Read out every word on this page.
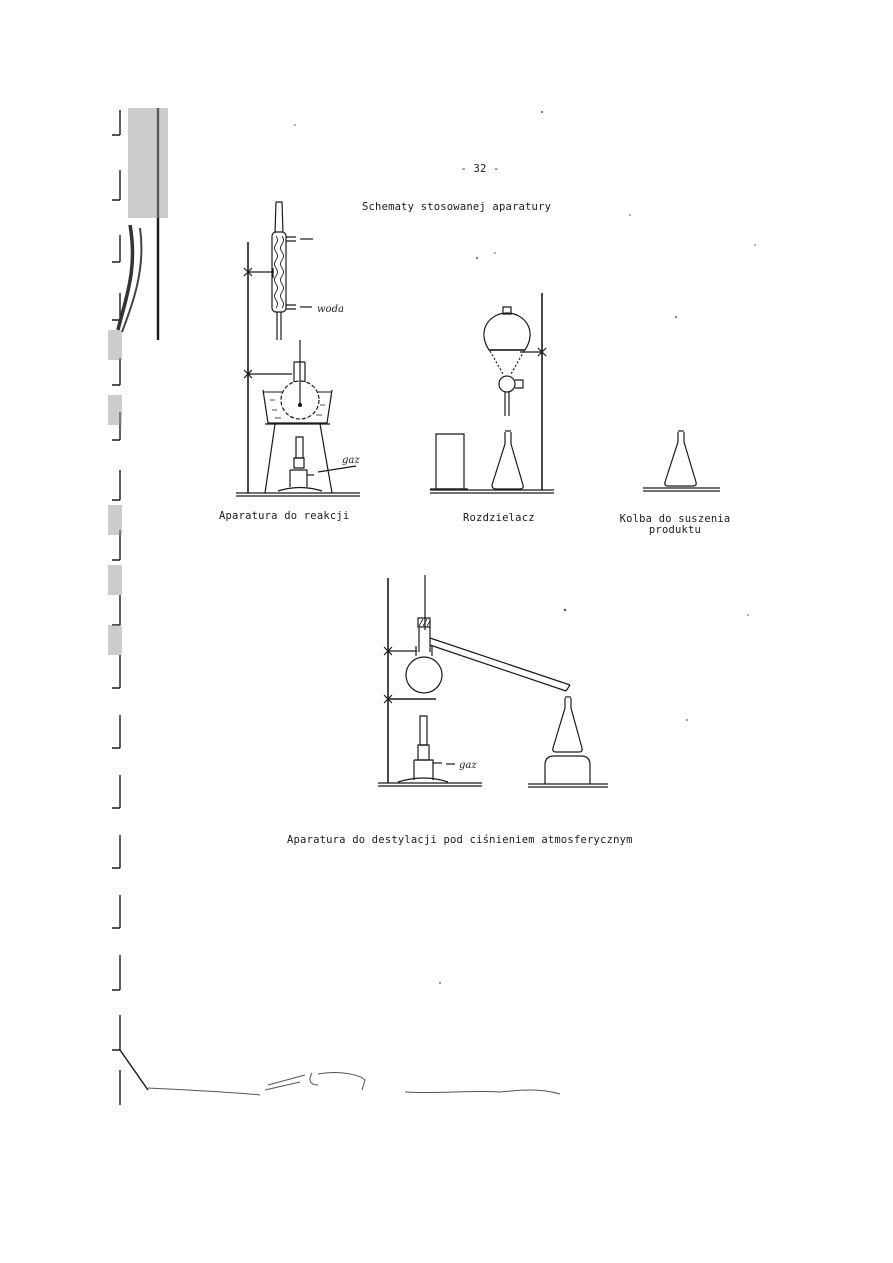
- 32 -
Schematy stosowanej aparatury
Aparatura do reakcji	Rozdzielacz	Kolba do suszenia
produktu
Aparatura do destylacji pod ciśnieniem atmosferycznym
gaz
woda
gaz
